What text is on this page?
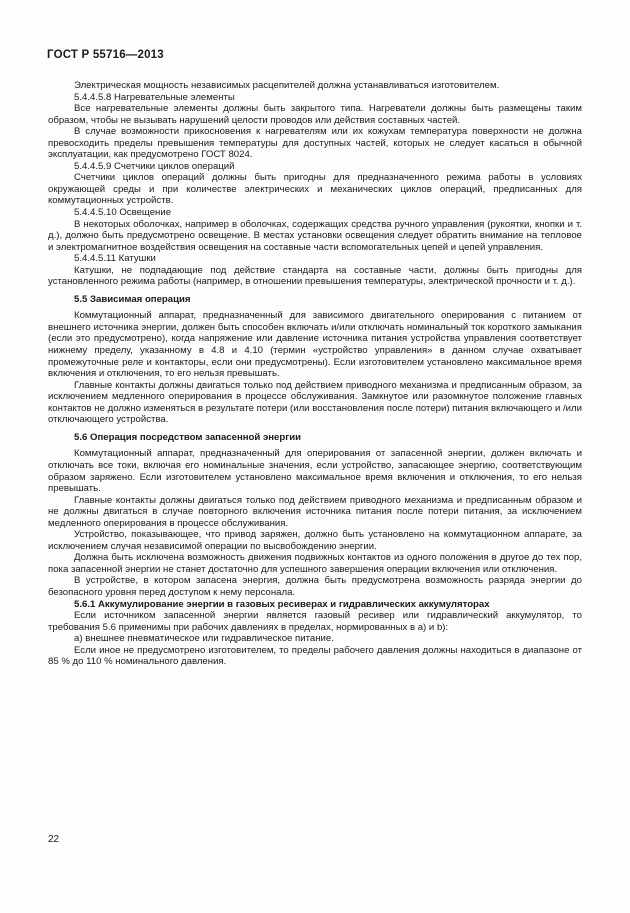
ГОСТ Р 55716—2013

Электрическая мощность независимых расцепителей должна устанавливаться изготовителем.

5.4.4.5.8 Нагревательные элементы

Все нагревательные элементы должны быть закрытого типа. Нагреватели должны быть размещены таким образом, чтобы не вызывать нарушений целости проводов или действия составных частей.

В случае возможности прикосновения к нагревателям или их кожухам температура поверхности не должна превосходить пределы превышения температуры для доступных частей, которых не следует касаться в обычной эксплуатации, как предусмотрено ГОСТ 8024.

5.4.4.5.9 Счетчики циклов операций

Счетчики циклов операций должны быть пригодны для предназначенного режима работы в условиях окружающей среды и при количестве электрических и механических циклов операций, предписанных для коммутационных устройств.

5.4.4.5.10 Освещение

В некоторых оболочках, например в оболочках, содержащих средства ручного управления (рукоятки, кнопки и т. д.), должно быть предусмотрено освещение. В местах установки освещения следует обратить внимание на тепловое и электромагнитное воздействия освещения на составные части вспомогательных цепей и цепей управления.

5.4.4.5.11 Катушки

Катушки, не подпадающие под действие стандарта на составные части, должны быть пригодны для установленного режима работы (например, в отношении превышения температуры, электрической прочности и т. д.).

5.5 Зависимая операция

Коммутационный аппарат, предназначенный для зависимого двигательного оперирования с питанием от внешнего источника энергии, должен быть способен включать и/или отключать номинальный ток короткого замыкания (если это предусмотрено), когда напряжение или давление источника питания устройства управления соответствует нижнему пределу, указанному в 4.8 и 4.10 (термин «устройство управления» в данном случае охватывает промежуточные реле и контакторы, если они предусмотрены). Если изготовителем установлено максимальное время включения и отключения, то его нельзя превышать.

Главные контакты должны двигаться только под действием приводного механизма и предписанным образом, за исключением медленного оперирования в процессе обслуживания. Замкнутое или разомкнутое положение главных контактов не должно изменяться в результате потери (или восстановления после потери) питания включающего и /или отключающего устройства.

5.6 Операция посредством запасенной энергии

Коммутационный аппарат, предназначенный для оперирования от запасенной энергии, должен включать и отключать все токи, включая его номинальные значения, если устройство, запасающее энергию, соответствующим образом заряжено. Если изготовителем установлено максимальное время включения и отключения, то его нельзя превышать.

Главные контакты должны двигаться только под действием приводного механизма и предписанным образом и не должны двигаться в случае повторного включения источника питания после потери питания, за исключением медленного оперирования в процессе обслуживания.

Устройство, показывающее, что привод заряжен, должно быть установлено на коммутационном аппарате, за исключением случая независимой операции по высвобождению энергии.

Должна быть исключена возможность движения подвижных контактов из одного положения в другое до тех пор, пока запасенной энергии не станет достаточно для успешного завершения операции включения или отключения.

В устройстве, в котором запасена энергия, должна быть предусмотрена возможность разряда энергии до безопасного уровня перед доступом к нему персонала.

5.6.1 Аккумулирование энергии в газовых ресиверах и гидравлических аккумуляторах

Если источником запасенной энергии является газовый ресивер или гидравлический аккумулятор, то требования 5.6 применимы при рабочих давлениях в пределах, нормированных в а) и b):

а) внешнее пневматическое или гидравлическое питание.

Если иное не предусмотрено изготовителем, то пределы рабочего давления должны находиться в диапазоне от 85 % до 110 % номинального давления.

22
